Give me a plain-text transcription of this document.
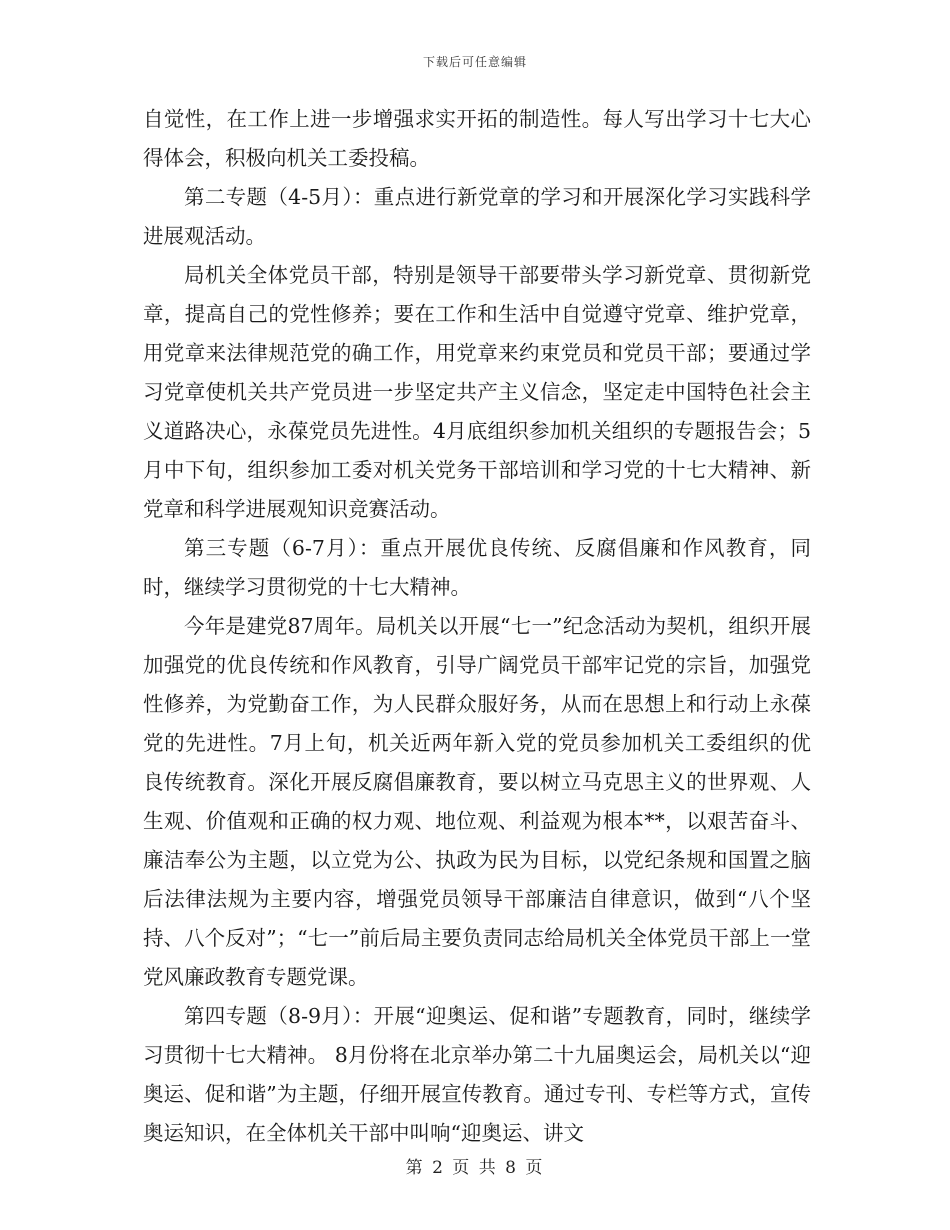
下载后可任意编辑

自觉性，在工作上进一步增强求实开拓的制造性。每人写出学习十七大心得体会，积极向机关工委投稿。

第二专题（4-5月）：重点进行新党章的学习和开展深化学习实践科学进展观活动。

局机关全体党员干部，特别是领导干部要带头学习新党章、贯彻新党章，提高自己的党性修养；要在工作和生活中自觉遵守党章、维护党章，用党章来法律规范党的确工作，用党章来约束党员和党员干部；要通过学习党章使机关共产党员进一步坚定共产主义信念，坚定走中国特色社会主义道路决心，永葆党员先进性。4月底组织参加机关组织的专题报告会；5月中下旬，组织参加工委对机关党务干部培训和学习党的十七大精神、新党章和科学进展观知识竞赛活动。

第三专题（6-7月）：重点开展优良传统、反腐倡廉和作风教育，同时，继续学习贯彻党的十七大精神。

今年是建党87周年。局机关以开展“七一”纪念活动为契机，组织开展加强党的优良传统和作风教育，引导广阔党员干部牢记党的宗旨，加强党性修养，为党勤奋工作，为人民群众服好务，从而在思想上和行动上永葆党的先进性。7月上旬，机关近两年新入党的党员参加机关工委组织的优良传统教育。深化开展反腐倡廉教育，要以树立马克思主义的世界观、人生观、价值观和正确的权力观、地位观、利益观为根本**，以艰苦奋斗、廉洁奉公为主题，以立党为公、执政为民为目标，以党纪条规和国置之脑后法律法规为主要内容，增强党员领导干部廉洁自律意识，做到“八个坚持、八个反对”；“七一”前后局主要负责同志给局机关全体党员干部上一堂党风廉政教育专题党课。

第四专题（8-9月）：开展“迎奥运、促和谐”专题教育，同时，继续学习贯彻十七大精神。 8月份将在北京举办第二十九届奥运会，局机关以“迎奥运、促和谐”为主题，仔细开展宣传教育。通过专刊、专栏等方式，宣传奥运知识，在全体机关干部中叫响“迎奥运、讲文

第 2 页 共 8 页
